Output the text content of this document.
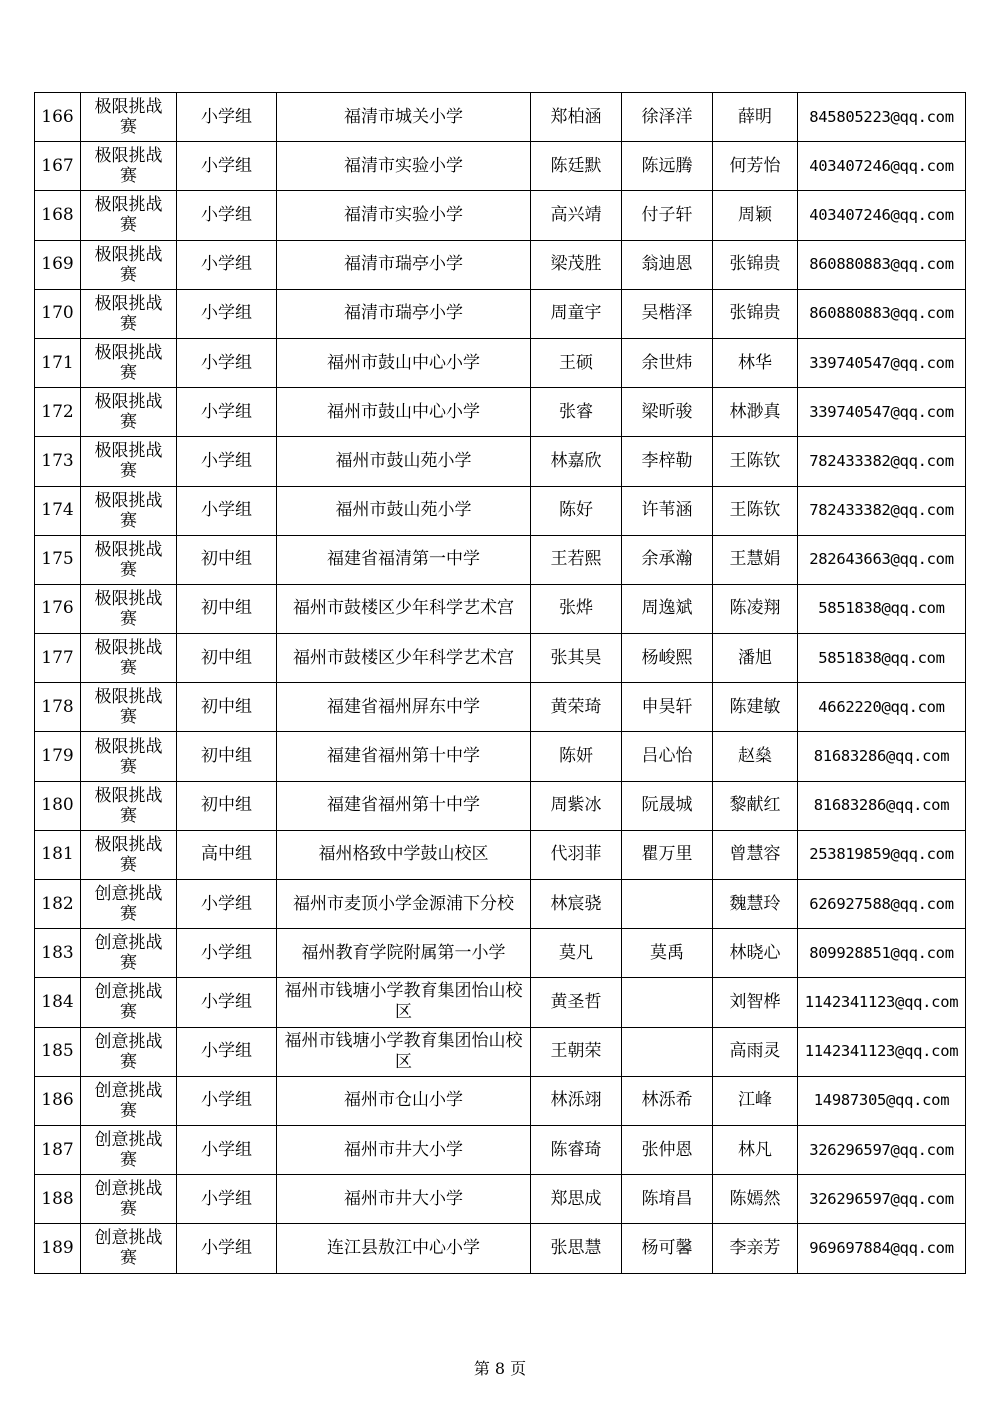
166	极限挑战赛	小学组	福清市城关小学	郑柏涵	徐泽洋	薛明	845805223@qq.com
167	极限挑战赛	小学组	福清市实验小学	陈廷默	陈远腾	何芳怡	403407246@qq.com
168	极限挑战赛	小学组	福清市实验小学	高兴靖	付子轩	周颖	403407246@qq.com
169	极限挑战赛	小学组	福清市瑞亭小学	梁茂胜	翁迪恩	张锦贵	860880883@qq.com
170	极限挑战赛	小学组	福清市瑞亭小学	周童宇	吴楷泽	张锦贵	860880883@qq.com
171	极限挑战赛	小学组	福州市鼓山中心小学	王硕	余世炜	林华	339740547@qq.com
172	极限挑战赛	小学组	福州市鼓山中心小学	张睿	梁昕骏	林渺真	339740547@qq.com
173	极限挑战赛	小学组	福州市鼓山苑小学	林嘉欣	李梓勒	王陈钦	782433382@qq.com
174	极限挑战赛	小学组	福州市鼓山苑小学	陈好	许苇涵	王陈钦	782433382@qq.com
175	极限挑战赛	初中组	福建省福清第一中学	王若熙	余承瀚	王慧娟	282643663@qq.com
176	极限挑战赛	初中组	福州市鼓楼区少年科学艺术宫	张烨	周逸斌	陈凌翔	5851838@qq.com
177	极限挑战赛	初中组	福州市鼓楼区少年科学艺术宫	张其昊	杨峻熙	潘旭	5851838@qq.com
178	极限挑战赛	初中组	福建省福州屏东中学	黄荣琦	申昊轩	陈建敏	4662220@qq.com
179	极限挑战赛	初中组	福建省福州第十中学	陈妍	吕心怡	赵燊	81683286@qq.com
180	极限挑战赛	初中组	福建省福州第十中学	周紫冰	阮晟城	黎献红	81683286@qq.com
181	极限挑战赛	高中组	福州格致中学鼓山校区	代羽菲	瞿万里	曾慧容	253819859@qq.com
182	创意挑战赛	小学组	福州市麦顶小学金源浦下分校	林宸骁		魏慧玲	626927588@qq.com
183	创意挑战赛	小学组	福州教育学院附属第一小学	莫凡	莫禹	林晓心	809928851@qq.com
184	创意挑战赛	小学组	福州市钱塘小学教育集团怡山校区	黄圣哲		刘智桦	1142341123@qq.com
185	创意挑战赛	小学组	福州市钱塘小学教育集团怡山校区	王朝荣		高雨灵	1142341123@qq.com
186	创意挑战赛	小学组	福州市仓山小学	林泺翊	林泺希	江峰	14987305@qq.com
187	创意挑战赛	小学组	福州市井大小学	陈睿琦	张仲恩	林凡	326296597@qq.com
188	创意挑战赛	小学组	福州市井大小学	郑思成	陈堉昌	陈嫣然	326296597@qq.com
189	创意挑战赛	小学组	连江县敖江中心小学	张思慧	杨可馨	李亲芳	969697884@qq.com
第 8 页
